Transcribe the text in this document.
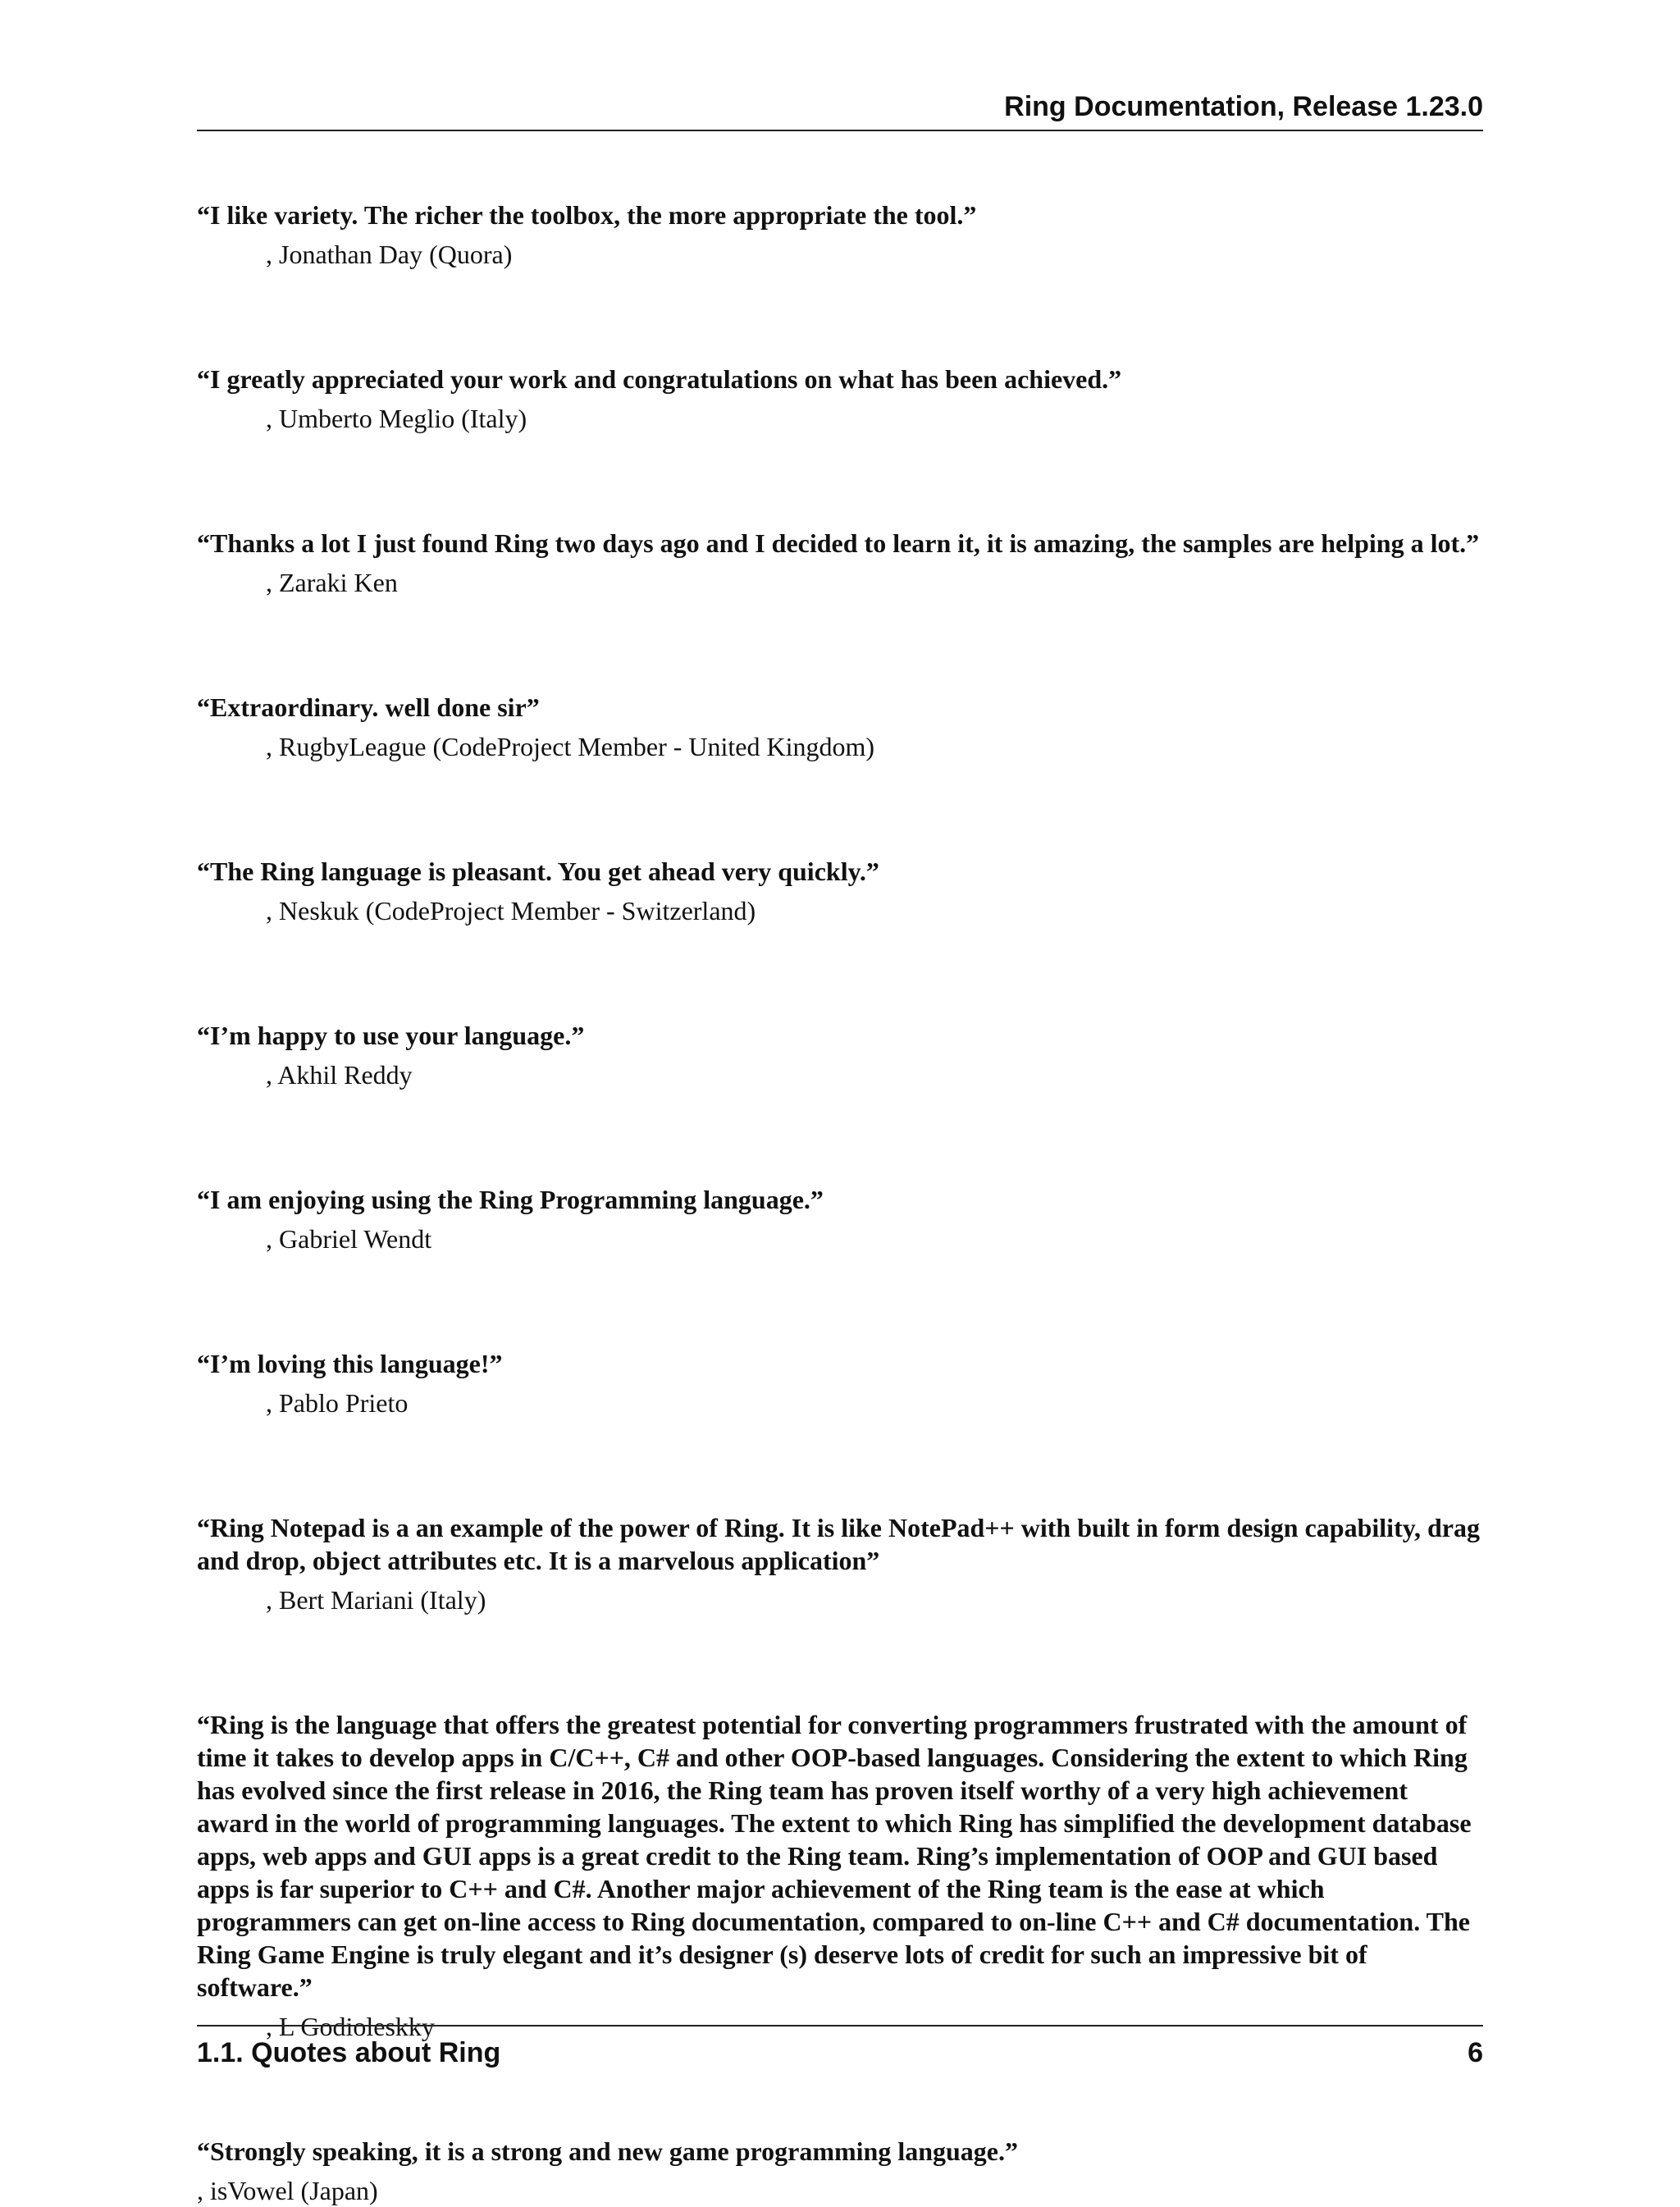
Ring Documentation, Release 1.23.0

“I like variety. The richer the toolbox, the more appropriate the tool.”

, Jonathan Day (Quora)

“I greatly appreciated your work and congratulations on what has been achieved.”

, Umberto Meglio (Italy)

“Thanks a lot I just found Ring two days ago and I decided to learn it, it is amazing, the samples are helping a lot.”

, Zaraki Ken

“Extraordinary. well done sir”

, RugbyLeague (CodeProject Member - United Kingdom)

“The Ring language is pleasant. You get ahead very quickly.”

, Neskuk (CodeProject Member - Switzerland)

“I’m happy to use your language.”

, Akhil Reddy

“I am enjoying using the Ring Programming language.”

, Gabriel Wendt

“I’m loving this language!”

, Pablo Prieto

“Ring Notepad is a an example of the power of Ring. It is like NotePad++ with built in form design capability, drag and drop, object attributes etc. It is a marvelous application”

, Bert Mariani (Italy)

“Ring is the language that offers the greatest potential for converting programmers frustrated with the amount of time it takes to develop apps in C/C++, C# and other OOP-based languages. Considering the extent to which Ring has evolved since the first release in 2016, the Ring team has proven itself worthy of a very high achievement award in the world of programming languages. The extent to which Ring has simplified the development database apps, web apps and GUI apps is a great credit to the Ring team. Ring’s implementation of OOP and GUI based apps is far superior to C++ and C#. Another major achievement of the Ring team is the ease at which programmers can get on-line access to Ring documentation, compared to on-line C++ and C# documentation. The Ring Game Engine is truly elegant and it’s designer (s) deserve lots of credit for such an impressive bit of software.”

, L Godioleskky

“Strongly speaking, it is a strong and new game programming language.”

, isVowel (Japan)
1.1. Quotes about Ring	6
